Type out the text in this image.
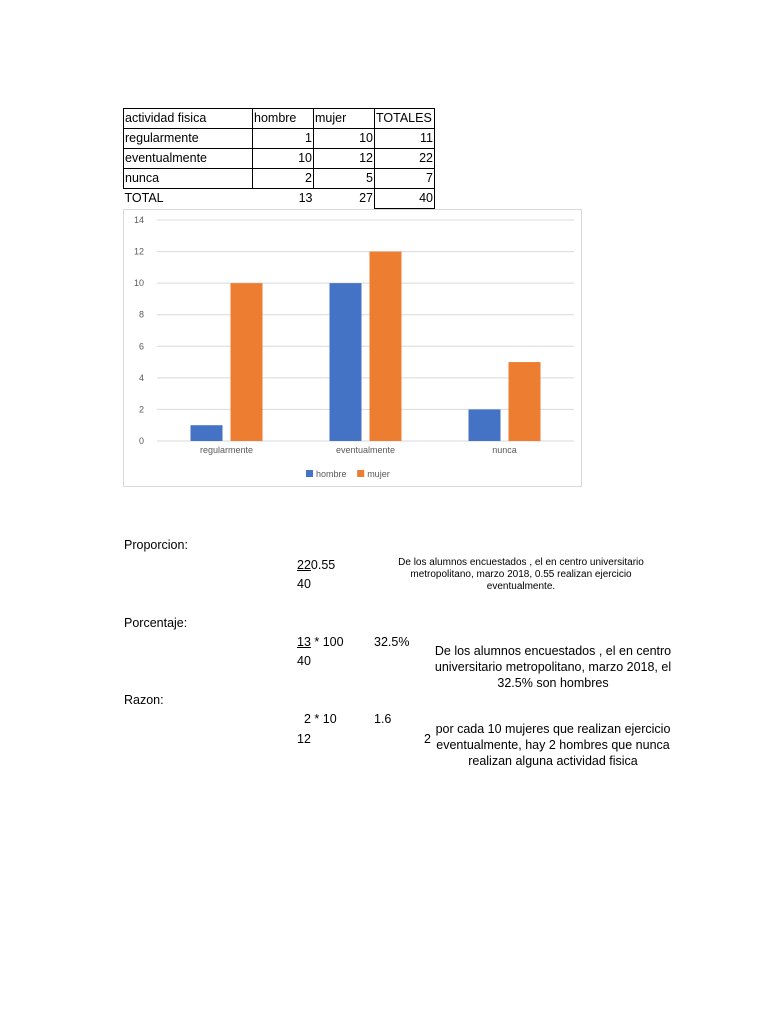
actividad fisica	hombre	mujer	TOTALES
regularmente	1	10	11
eventualmente	10	12	22
nunca	2	5	7
TOTAL	13	27	40
0
2
4
6
8
10
12
14
regularmente	eventualmente	nunca
hombre mujer
Proporcion:
220.55
40
De los alumnos encuestados , el en centro universitario metropolitano, marzo 2018, 0.55 realizan ejercicio eventualmente.
Porcentaje:
13 * 100
40
32.5%
De los alumnos encuestados , el en centro universitario metropolitano, marzo 2018, el 32.5% son hombres
Razon:
2 * 10
12
1.6
2
por cada 10 mujeres que realizan ejercicio eventualmente, hay 2 hombres que nunca realizan alguna actividad fisica
